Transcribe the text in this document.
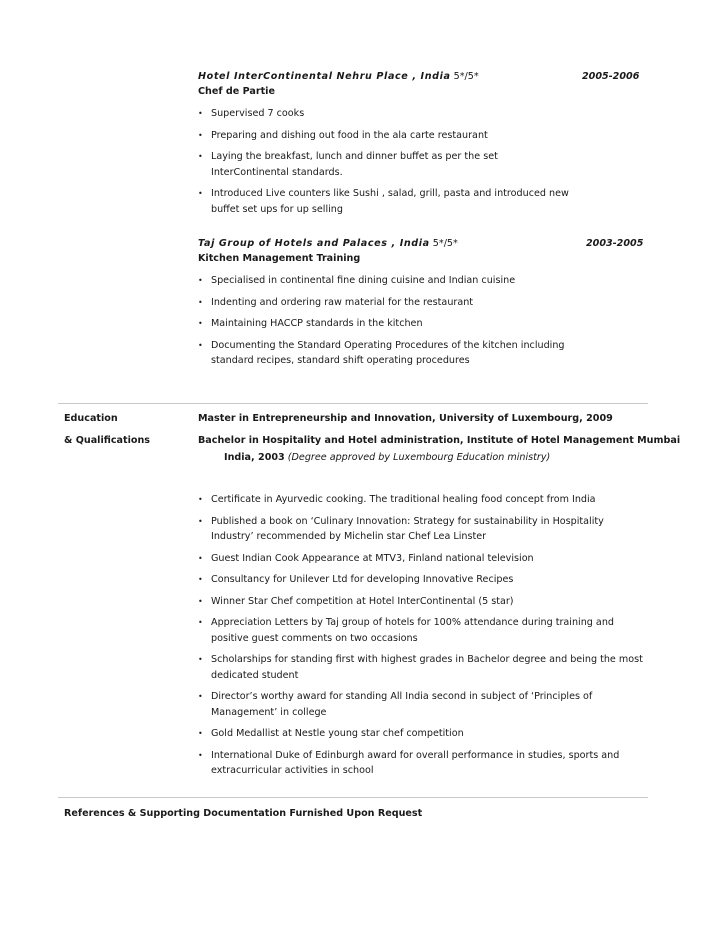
Hotel InterContinental Nehru Place , India 5*/5*	2005-2006
Chef de Partie
• Supervised 7 cooks
• Preparing and dishing out food in the ala carte restaurant
• Laying the breakfast, lunch and dinner buffet as per the set InterContinental standards.
• Introduced Live counters like Sushi , salad, grill, pasta and introduced new buffet set ups for up selling
Taj Group of Hotels and Palaces , India 5*/5*	2003-2005
Kitchen Management Training
• Specialised in continental fine dining cuisine and Indian cuisine
• Indenting and ordering raw material for the restaurant
• Maintaining HACCP standards in the kitchen
• Documenting the Standard Operating Procedures of the kitchen including standard recipes, standard shift operating procedures
Education
& Qualifications
Master in Entrepreneurship and Innovation, University of Luxembourg, 2009
Bachelor in Hospitality and Hotel administration, Institute of Hotel Management Mumbai
India, 2003 (Degree approved by Luxembourg Education ministry)
• Certificate in Ayurvedic cooking. The traditional healing food concept from India
• Published a book on ‘Culinary Innovation: Strategy for sustainability in Hospitality Industry’ recommended by Michelin star Chef Lea Linster
• Guest Indian Cook Appearance at MTV3, Finland national television
• Consultancy for Unilever Ltd for developing Innovative Recipes
• Winner Star Chef competition at Hotel InterContinental (5 star)
• Appreciation Letters by Taj group of hotels for 100% attendance during training and positive guest comments on two occasions
• Scholarships for standing first with highest grades in Bachelor degree and being the most dedicated student
• Director’s worthy award for standing All India second in subject of ‘Principles of Management’ in college
• Gold Medallist at Nestle young star chef competition
• International Duke of Edinburgh award for overall performance in studies, sports and extracurricular activities in school
References & Supporting Documentation Furnished Upon Request
